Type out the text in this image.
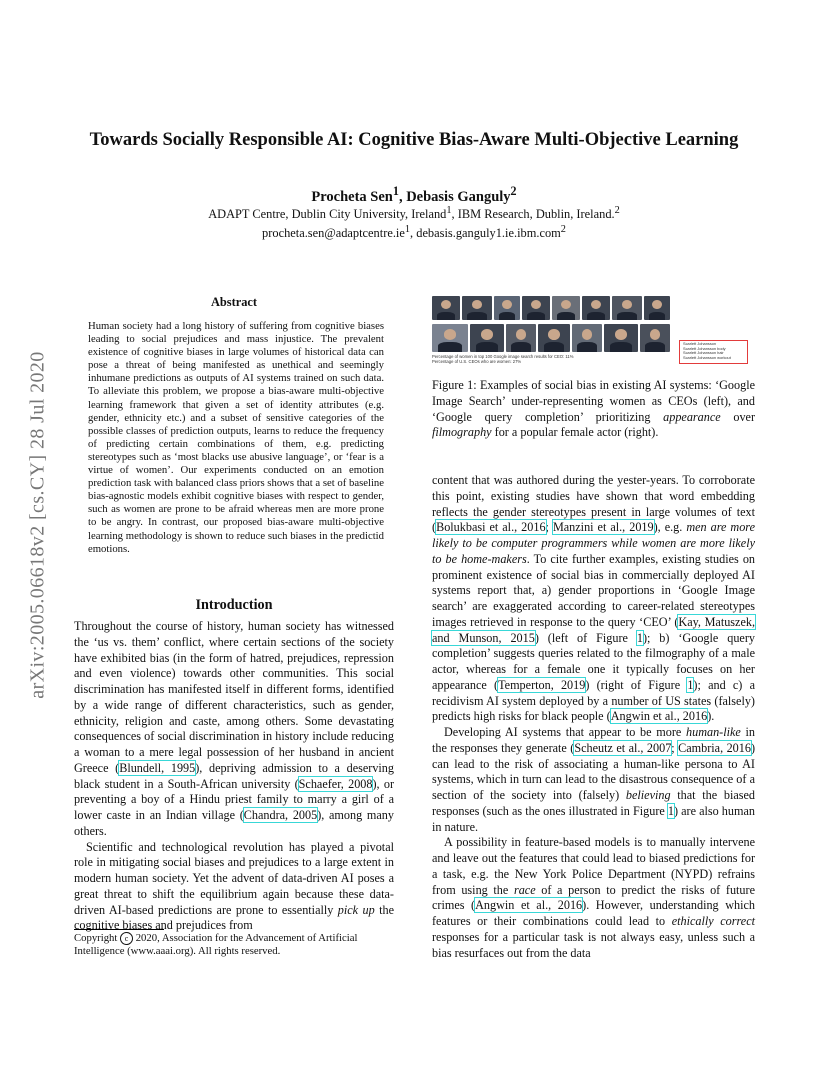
Towards Socially Responsible AI: Cognitive Bias-Aware Multi-Objective Learning
Procheta Sen$^1$, Debasis Ganguly$^2$
ADAPT Centre, Dublin City University, Ireland$^1$, IBM Research, Dublin, Ireland.$^2$
$procheta.sen@adaptcentre.ie^1$, debasis.ganguly1.ie.ibm.com$^2$
arXiv:2005.06618v2 [cs.CY] 28 Jul 2020
Abstract
Human society had a long history of suffering from cognitive biases leading to social prejudices and mass injustice. The prevalent existence of cognitive biases in large volumes of historical data can pose a threat of being manifested as unethical and seemingly inhumane predictions as outputs of AI systems trained on such data. To alleviate this problem, we propose a bias-aware multi-objective learning framework that given a set of identity attributes (e.g. gender, ethnicity etc.) and a subset of sensitive categories of the possible classes of prediction outputs, learns to reduce the frequency of predicting certain combinations of them, e.g. predicting stereotypes such as ‘most blacks use abusive language’, or ‘fear is a virtue of women’. Our experiments conducted on an emotion prediction task with balanced class priors shows that a set of baseline bias-agnostic models exhibit cognitive biases with respect to gender, such as women are prone to be afraid whereas men are more prone to be angry. In contrast, our proposed bias-aware multi-objective learning methodology is shown to reduce such biases in the predictid emotions.
Introduction

Throughout the course of history, human society has witnessed the ‘us vs. them’ conflict, where certain sections of the society have exhibited bias (in the form of hatred, prejudices, repression and even violence) towards other communities. This social discrimination has manifested itself in different forms, identified by a wide range of different characteristics, such as gender, ethnicity, religion and caste, among others. Some devastating consequences of social discrimination in history include reducing a woman to a mere legal possession of her husband in ancient Greece (Blundell, 1995), depriving admission to a deserving black student in a South-African university (Schaefer, 2008), or preventing a boy of a Hindu priest family to marry a girl of a lower caste in an Indian village (Chandra, 2005), among many others.

Scientific and technological revolution has played a pivotal role in mitigating social biases and prejudices to a large extent in modern human society. Yet the advent of data-driven AI poses a great threat to shift the equilibrium again because these data-driven AI-based predictions are prone to essentially pick up the cognitive biases and prejudices from

Copyright c 2020, Association for the Advancement of Artificial Intelligence (www.aaai.org). All rights reserved.
Percentage of women in top 100 Google image search results for CEO: 11%
Percentage of U.S. CEOs who are women: 27%
Scarlett Johansson
Scarlett Johansson body
Scarlett Johansson hair
Scarlett Johansson workout
Figure 1: Examples of social bias in existing AI systems: ‘Google Image Search’ under-representing women as CEOs (left), and ‘Google query completion’ prioritizing appearance over filmography for a popular female actor (right).

content that was authored during the yester-years. To corroborate this point, existing studies have shown that word embedding reflects the gender stereotypes present in large volumes of text (Bolukbasi et al., 2016; Manzini et al., 2019), e.g. men are more likely to be computer programmers while women are more likely to be home-makers. To cite further examples, existing studies on prominent existence of social bias in commercially deployed AI systems report that, a) gender proportions in ‘Google Image search’ are exaggerated according to career-related stereotypes images retrieved in response to the query ‘CEO’ (Kay, Matuszek, and Munson, 2015) (left of Figure 1); b) ‘Google query completion’ suggests queries related to the filmography of a male actor, whereas for a female one it typically focuses on her appearance (Temperton, 2019) (right of Figure 1); and c) a recidivism AI system deployed by a number of US states (falsely) predicts high risks for black people (Angwin et al., 2016).

Developing AI systems that appear to be more human-like in the responses they generate (Scheutz et al., 2007; Cambria, 2016) can lead to the risk of associating a human-like persona to AI systems, which in turn can lead to the disastrous consequence of a section of the society into (falsely) believing that the biased responses (such as the ones illustrated in Figure 1) are also human in nature.

A possibility in feature-based models is to manually intervene and leave out the features that could lead to biased predictions for a task, e.g. the New York Police Department (NYPD) refrains from using the race of a person to predict the risks of future crimes (Angwin et al., 2016). However, understanding which features or their combinations could lead to ethically correct responses for a particular task is not always easy, unless such a bias resurfaces out from the data
